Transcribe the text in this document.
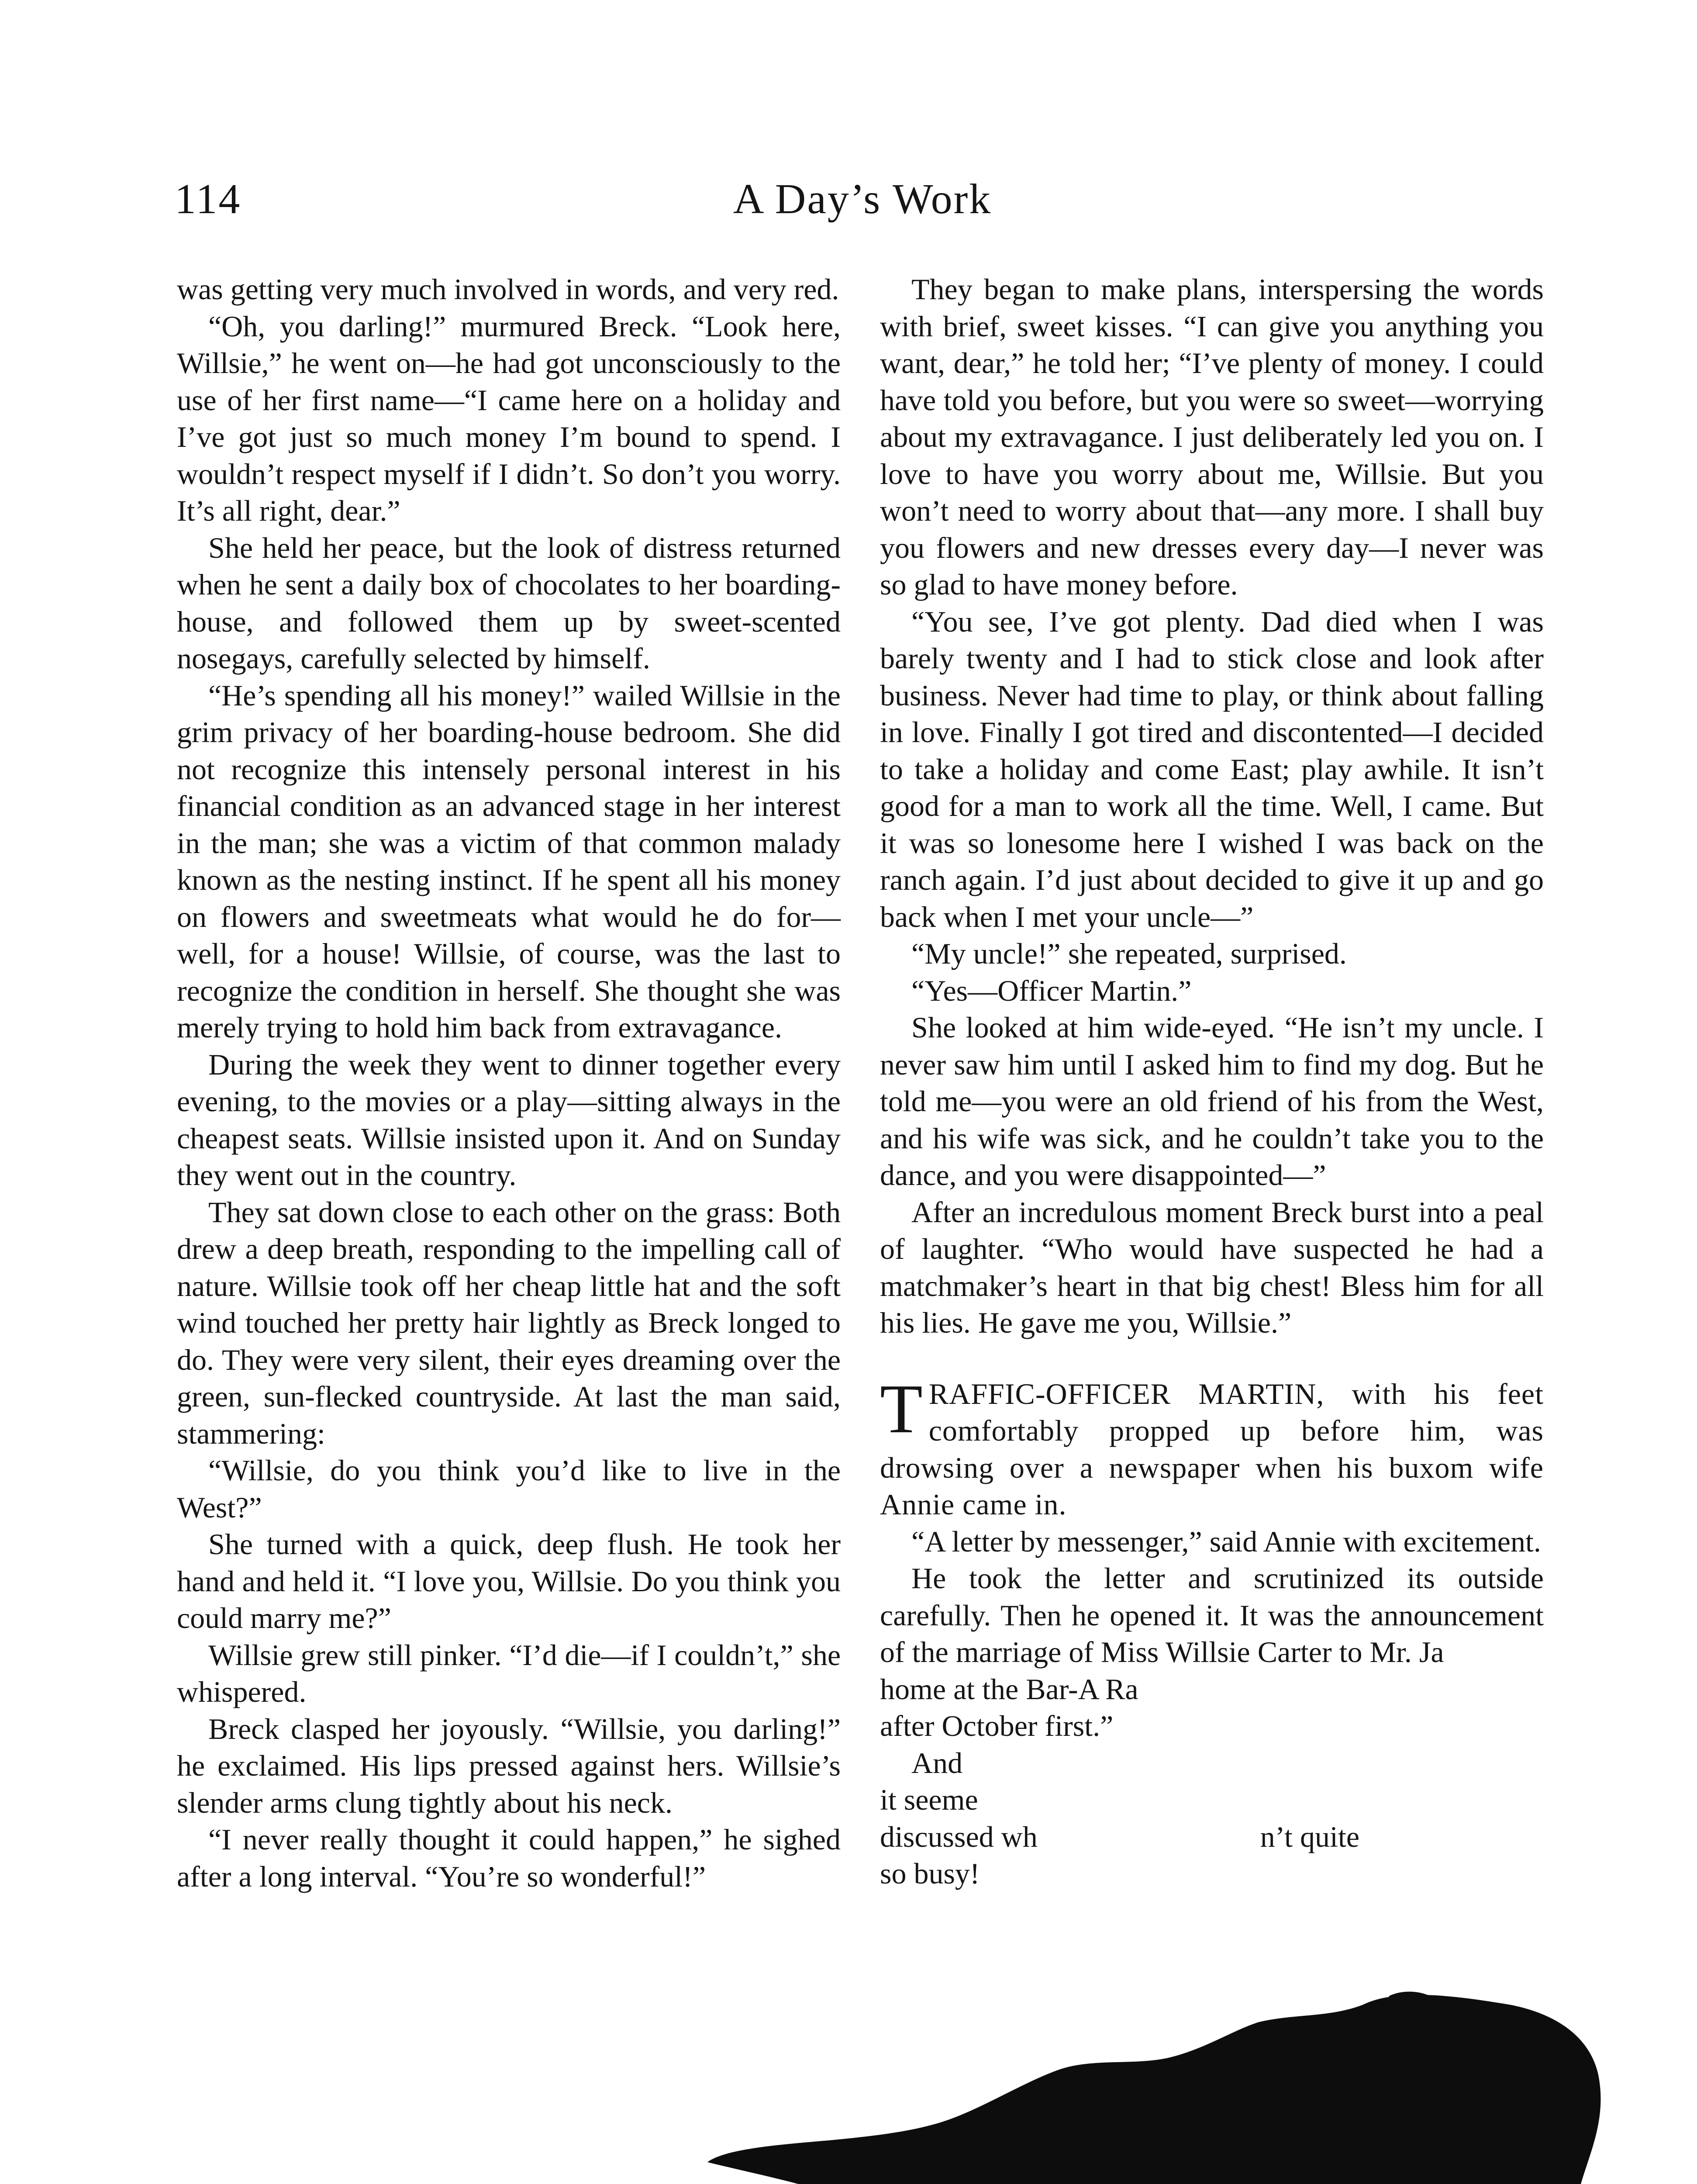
114	A Day’s Work

was getting very much involved in words, and very red.

“Oh, you darling!” murmured Breck. “Look here, Willsie,” he went on—he had got unconsciously to the use of her first name—“I came here on a holiday and I’ve got just so much money I’m bound to spend. I wouldn’t respect myself if I didn’t. So don’t you worry. It’s all right, dear.”

She held her peace, but the look of distress returned when he sent a daily box of chocolates to her boarding-house, and followed them up by sweet-scented nosegays, carefully selected by himself.

“He’s spending all his money!” wailed Willsie in the grim privacy of her boarding-house bedroom. She did not recognize this intensely personal interest in his financial condition as an advanced stage in her interest in the man; she was a victim of that common malady known as the nesting instinct. If he spent all his money on flowers and sweetmeats what would he do for—well, for a house! Willsie, of course, was the last to recognize the condition in herself. She thought she was merely trying to hold him back from extravagance.

During the week they went to dinner together every evening, to the movies or a play—sitting always in the cheapest seats. Willsie insisted upon it. And on Sunday they went out in the country.

They sat down close to each other on the grass: Both drew a deep breath, responding to the impelling call of nature. Willsie took off her cheap little hat and the soft wind touched her pretty hair lightly as Breck longed to do. They were very silent, their eyes dreaming over the green, sun-flecked countryside. At last the man said, stammering:

“Willsie, do you think you’d like to live in the West?”

She turned with a quick, deep flush. He took her hand and held it. “I love you, Willsie. Do you think you could marry me?”

Willsie grew still pinker. “I’d die—if I couldn’t,” she whispered.

Breck clasped her joyously. “Willsie, you darling!” he exclaimed. His lips pressed against hers. Willsie’s slender arms clung tightly about his neck.

“I never really thought it could happen,” he sighed after a long interval. “You’re so wonderful!”

They began to make plans, interspersing the words with brief, sweet kisses. “I can give you anything you want, dear,” he told her; “I’ve plenty of money. I could have told you before, but you were so sweet—worrying about my extravagance. I just deliberately led you on. I love to have you worry about me, Willsie. But you won’t need to worry about that—any more. I shall buy you flowers and new dresses every day—I never was so glad to have money before.

“You see, I’ve got plenty. Dad died when I was barely twenty and I had to stick close and look after business. Never had time to play, or think about falling in love. Finally I got tired and discontented—I decided to take a holiday and come East; play awhile. It isn’t good for a man to work all the time. Well, I came. But it was so lonesome here I wished I was back on the ranch again. I’d just about decided to give it up and go back when I met your uncle—”

“My uncle!” she repeated, surprised.

“Yes—Officer Martin.”

She looked at him wide-eyed. “He isn’t my uncle. I never saw him until I asked him to find my dog. But he told me—you were an old friend of his from the West, and his wife was sick, and he couldn’t take you to the dance, and you were disappointed—”

After an incredulous moment Breck burst into a peal of laughter. “Who would have suspected he had a matchmaker’s heart in that big chest! Bless him for all his lies. He gave me you, Willsie.”

TRAFFIC-OFFICER MARTIN, with his feet comfortably propped up before him, was drowsing over a newspaper when his buxom wife Annie came in.

“A letter by messenger,” said Annie with excitement.

He took the letter and scrutinized its outside carefully. Then he opened it. It was the announcement of the marriage of Miss Willsie Carter to Mr. Ja

home at the Bar-A Ra

after October first.”

And

it seeme

discussed wh                              n’t quite

so busy!
